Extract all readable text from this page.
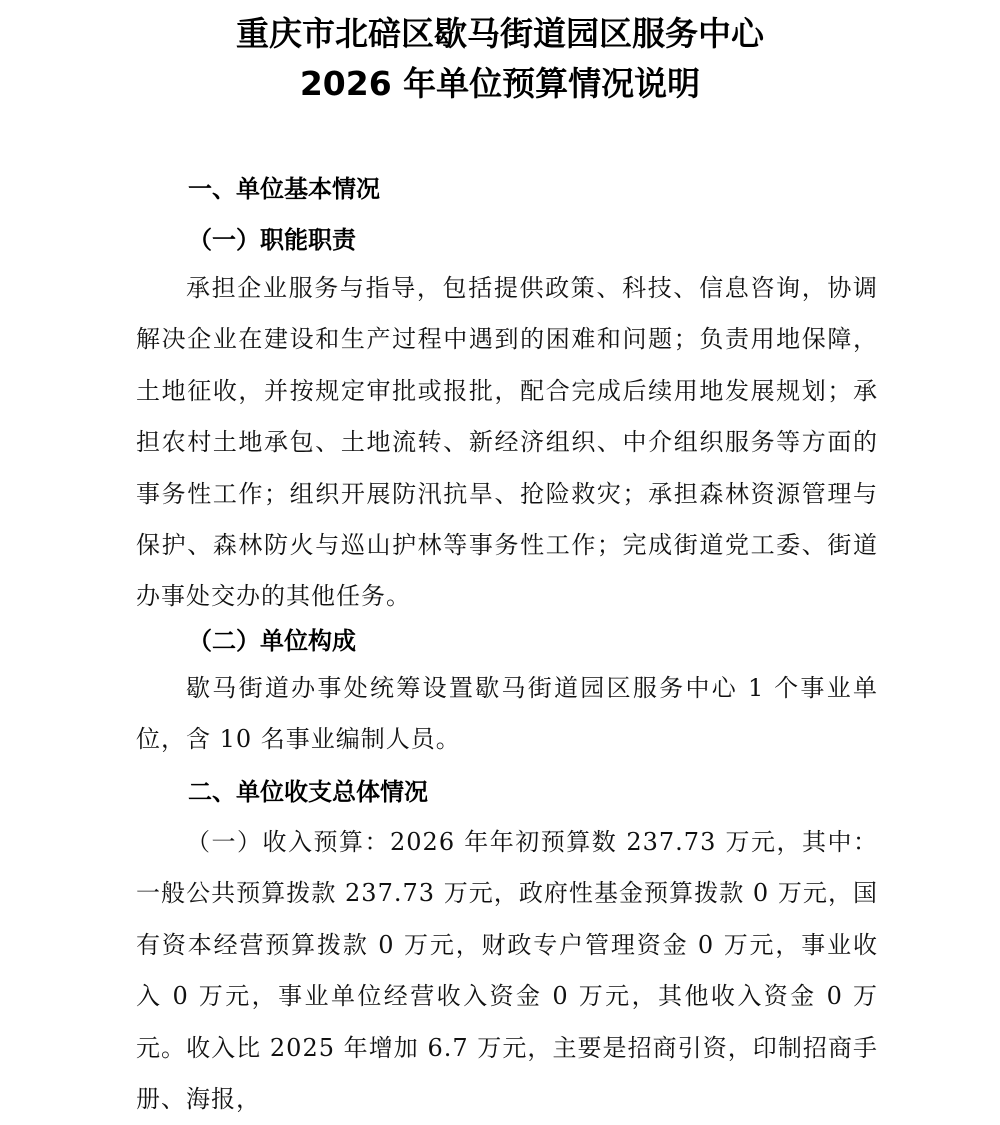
重庆市北碚区歇马街道园区服务中心
2026 年单位预算情况说明
一、单位基本情况
（一）职能职责

承担企业服务与指导，包括提供政策、科技、信息咨询，协调解决企业在建设和生产过程中遇到的困难和问题；负责用地保障，土地征收，并按规定审批或报批，配合完成后续用地发展规划；承担农村土地承包、土地流转、新经济组织、中介组织服务等方面的事务性工作；组织开展防汛抗旱、抢险救灾；承担森林资源管理与保护、森林防火与巡山护林等事务性工作；完成街道党工委、街道办事处交办的其他任务。

（二）单位构成

歇马街道办事处统筹设置歇马街道园区服务中心 1 个事业单位，含 10 名事业编制人员。

二、单位收支总体情况

（一）收入预算：2026 年年初预算数 237.73 万元，其中：一般公共预算拨款 237.73 万元，政府性基金预算拨款 0 万元，国有资本经营预算拨款 0 万元，财政专户管理资金 0 万元，事业收入 0 万元，事业单位经营收入资金 0 万元，其他收入资金 0 万元。收入比 2025 年增加 6.7 万元，主要是招商引资，印制招商手册、海报，
